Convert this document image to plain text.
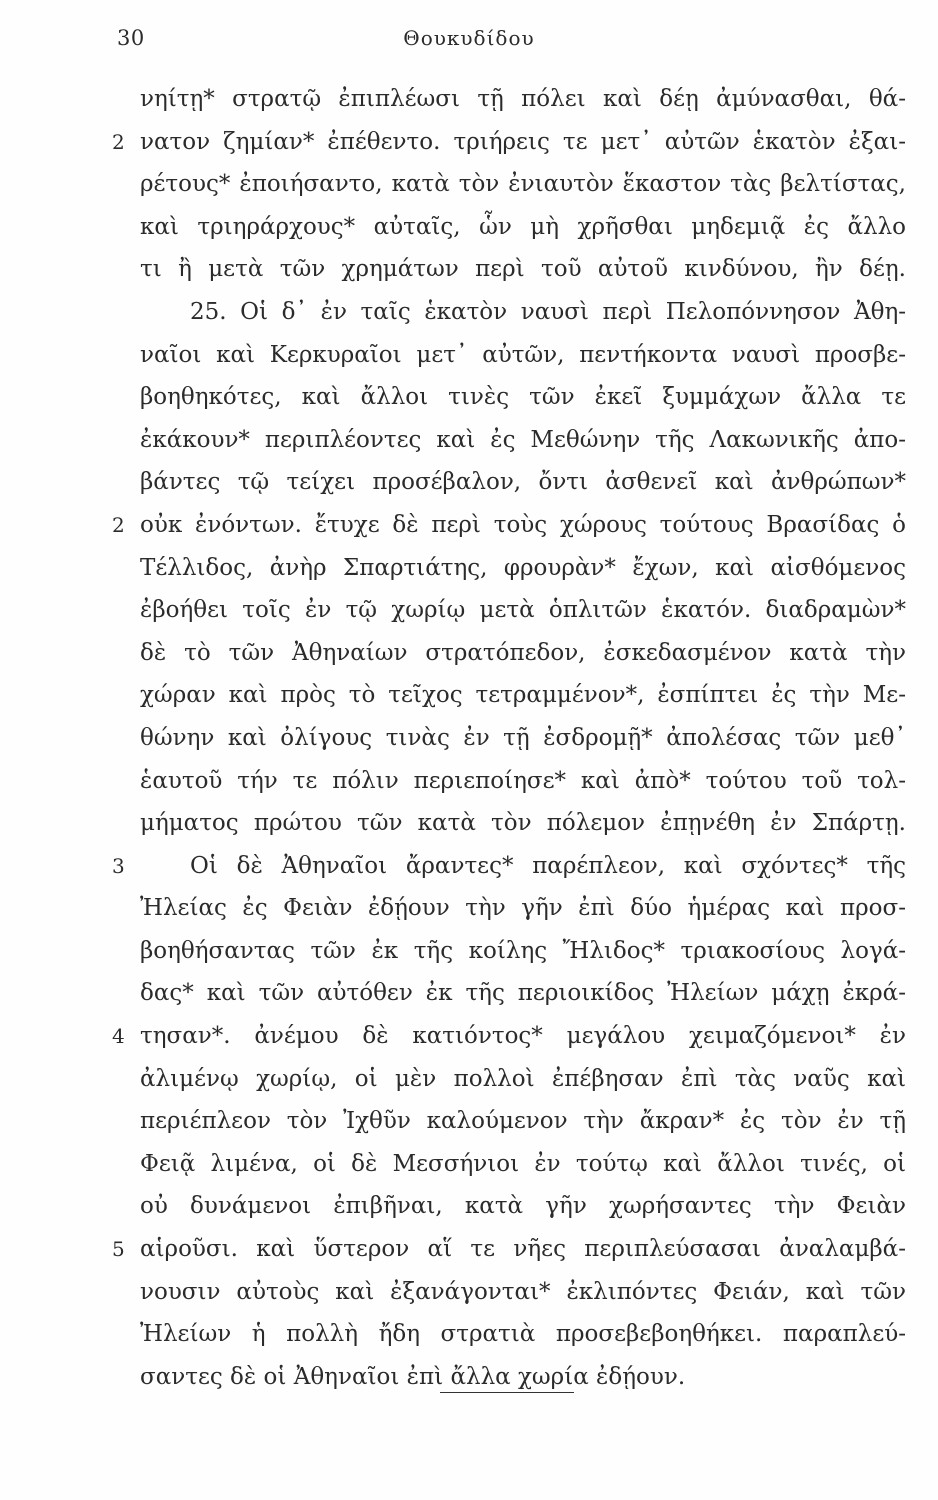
30	Θουκυδίδου
νηίτῃ* στρατῷ ἐπιπλέωσι τῇ πόλει καὶ δέῃ ἀμύνασθαι, θά-
2 νατον ζημίαν* ἐπέθεντο. τριήρεις τε μετ᾽ αὐτῶν ἑκατὸν ἐξαι-
ρέτους* ἐποιήσαντο, κατὰ τὸν ἐνιαυτὸν ἕκαστον τὰς βελτίστας,
καὶ τριηράρχους* αὐταῖς, ὧν μὴ χρῆσθαι μηδεμιᾷ ἐς ἄλλο
τι ἢ μετὰ τῶν χρημάτων περὶ τοῦ αὐτοῦ κινδύνου, ἢν δέῃ.
25. Οἱ δ᾽ ἐν ταῖς ἑκατὸν ναυσὶ περὶ Πελοπόννησον Ἀθη-
ναῖοι καὶ Κερκυραῖοι μετ᾽ αὐτῶν, πεντήκοντα ναυσὶ προσβε-
βοηθηκότες, καὶ ἄλλοι τινὲς τῶν ἐκεῖ ξυμμάχων ἄλλα τε
ἐκάκουν* περιπλέοντες καὶ ἐς Μεθώνην τῆς Λακωνικῆς ἀπο-
βάντες τῷ τείχει προσέβαλον, ὄντι ἀσθενεῖ καὶ ἀνθρώπων*
2 οὐκ ἐνόντων. ἔτυχε δὲ περὶ τοὺς χώρους τούτους Βρασίδας ὁ
Τέλλιδος, ἀνὴρ Σπαρτιάτης, φρουρὰν* ἔχων, καὶ αἰσθόμενος
ἐβοήθει τοῖς ἐν τῷ χωρίῳ μετὰ ὁπλιτῶν ἑκατόν. διαδραμὼν*
δὲ τὸ τῶν Ἀθηναίων στρατόπεδον, ἐσκεδασμένον κατὰ τὴν
χώραν καὶ πρὸς τὸ τεῖχος τετραμμένον*, ἐσπίπτει ἐς τὴν Με-
θώνην καὶ ὀλίγους τινὰς ἐν τῇ ἐσδρομῇ* ἀπολέσας τῶν μεθ᾽
ἑαυτοῦ τήν τε πόλιν περιεποίησε* καὶ ἀπὸ* τούτου τοῦ τολ-
μήματος πρώτου τῶν κατὰ τὸν πόλεμον ἐπῃνέθη ἐν Σπάρτῃ.
3	Οἱ δὲ Ἀθηναῖοι ἄραντες* παρέπλεον, καὶ σχόντες* τῆς
Ἠλείας ἐς Φειὰν ἐδῄουν τὴν γῆν ἐπὶ δύο ἡμέρας καὶ προσ-
βοηθήσαντας τῶν ἐκ τῆς κοίλης Ἤλιδος* τριακοσίους λογά-
δας* καὶ τῶν αὐτόθεν ἐκ τῆς περιοικίδος Ἠλείων μάχῃ ἐκρά-
4 τησαν*. ἀνέμου δὲ κατιόντος* μεγάλου χειμαζόμενοι* ἐν
ἀλιμένῳ χωρίῳ, οἱ μὲν πολλοὶ ἐπέβησαν ἐπὶ τὰς ναῦς καὶ
περιέπλεον τὸν Ἰχθῦν καλούμενον τὴν ἄκραν* ἐς τὸν ἐν τῇ
Φειᾷ λιμένα, οἱ δὲ Μεσσήνιοι ἐν τούτῳ καὶ ἄλλοι τινές, οἱ
οὐ δυνάμενοι ἐπιβῆναι, κατὰ γῆν χωρήσαντες τὴν Φειὰν
5 αἱροῦσι. καὶ ὕστερον αἵ τε νῆες περιπλεύσασαι ἀναλαμβά-
νουσιν αὐτοὺς καὶ ἐξανάγονται* ἐκλιπόντες Φειάν, καὶ τῶν
Ἠλείων ἡ πολλὴ ἤδη στρατιὰ προσεβεβοηθήκει. παραπλεύ-
σαντες δὲ οἱ Ἀθηναῖοι ἐπὶ ἄλλα χωρία ἐδῄουν.
